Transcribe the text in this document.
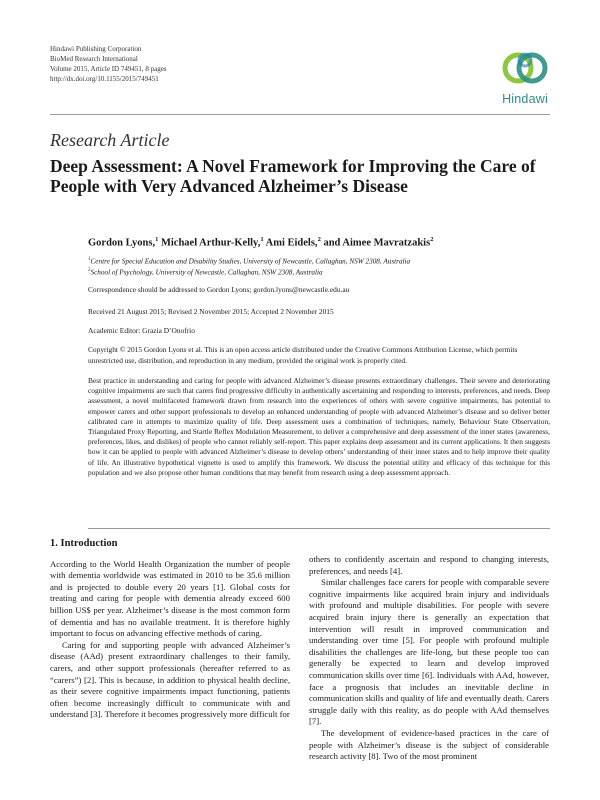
Hindawi Publishing Corporation
BioMed Research International
Volume 2015, Article ID 749451, 8 pages
http://dx.doi.org/10.1155/2015/749451
Hindawi
Research Article
Deep Assessment: A Novel Framework for Improving the Care of People with Very Advanced Alzheimer’s Disease
Gordon Lyons,$^1$ Michael Arthur-Kelly,$^1$ Ami Eidels,$^2$ and Aimee Mavratzakis$^2$
$^1$Centre for Special Education and Disability Studies, University of Newcastle, Callaghan, NSW 2308, Australia
$^2$School of Psychology, University of Newcastle, Callaghan, NSW 2308, Australia
Correspondence should be addressed to Gordon Lyons; gordon.lyons@newcastle.edu.au
Received 21 August 2015; Revised 2 November 2015; Accepted 2 November 2015
Academic Editor: Grazia D’Onofrio
Copyright © 2015 Gordon Lyons et al. This is an open access article distributed under the Creative Commons Attribution License, which permits unrestricted use, distribution, and reproduction in any medium, provided the original work is properly cited.
Best practice in understanding and caring for people with advanced Alzheimer’s disease presents extraordinary challenges. Their severe and deteriorating cognitive impairments are such that carers find progressive difficulty in authentically ascertaining and responding to interests, preferences, and needs. Deep assessment, a novel multifaceted framework drawn from research into the experiences of others with severe cognitive impairments, has potential to empower carers and other support professionals to develop an enhanced understanding of people with advanced Alzheimer’s disease and so deliver better calibrated care in attempts to maximize quality of life. Deep assessment uses a combination of techniques, namely, Behaviour State Observation, Triangulated Proxy Reporting, and Startle Reflex Modulation Measurement, to deliver a comprehensive and deep assessment of the inner states (awareness, preferences, likes, and dislikes) of people who cannot reliably self-report. This paper explains deep assessment and its current applications. It then suggests how it can be applied to people with advanced Alzheimer’s disease to develop others’ understanding of their inner states and to help improve their quality of life. An illustrative hypothetical vignette is used to amplify this framework. We discuss the potential utility and efficacy of this technique for this population and we also propose other human conditions that may benefit from research using a deep assessment approach.
1. Introduction

According to the World Health Organization the number of people with dementia worldwide was estimated in 2010 to be 35.6 million and is projected to double every 20 years [1]. Global costs for treating and caring for people with dementia already exceed 600 billion US$ per year. Alzheimer’s disease is the most common form of dementia and has no available treatment. It is therefore highly important to focus on advancing effective methods of caring.

Caring for and supporting people with advanced Alzheimer’s disease (AAd) present extraordinary challenges to their family, carers, and other support professionals (hereafter referred to as “carers”) [2]. This is because, in addition to physical health decline, as their severe cognitive impairments impact functioning, patients often become increasingly difficult to communicate with and understand [3]. Therefore it becomes progressively more difficult for

others to confidently ascertain and respond to changing interests, preferences, and needs [4].

Similar challenges face carers for people with comparable severe cognitive impairments like acquired brain injury and individuals with profound and multiple disabilities. For people with severe acquired brain injury there is generally an expectation that intervention will result in improved communication and understanding over time [5]. For people with profound multiple disabilities the challenges are life-long, but these people too can generally be expected to learn and develop improved communication skills over time [6]. Individuals with AAd, however, face a prognosis that includes an inevitable decline in communication skills and quality of life and eventually death. Carers struggle daily with this reality, as do people with AAd themselves [7].

The development of evidence-based practices in the care of people with Alzheimer’s disease is the subject of considerable research activity [8]. Two of the most prominent
